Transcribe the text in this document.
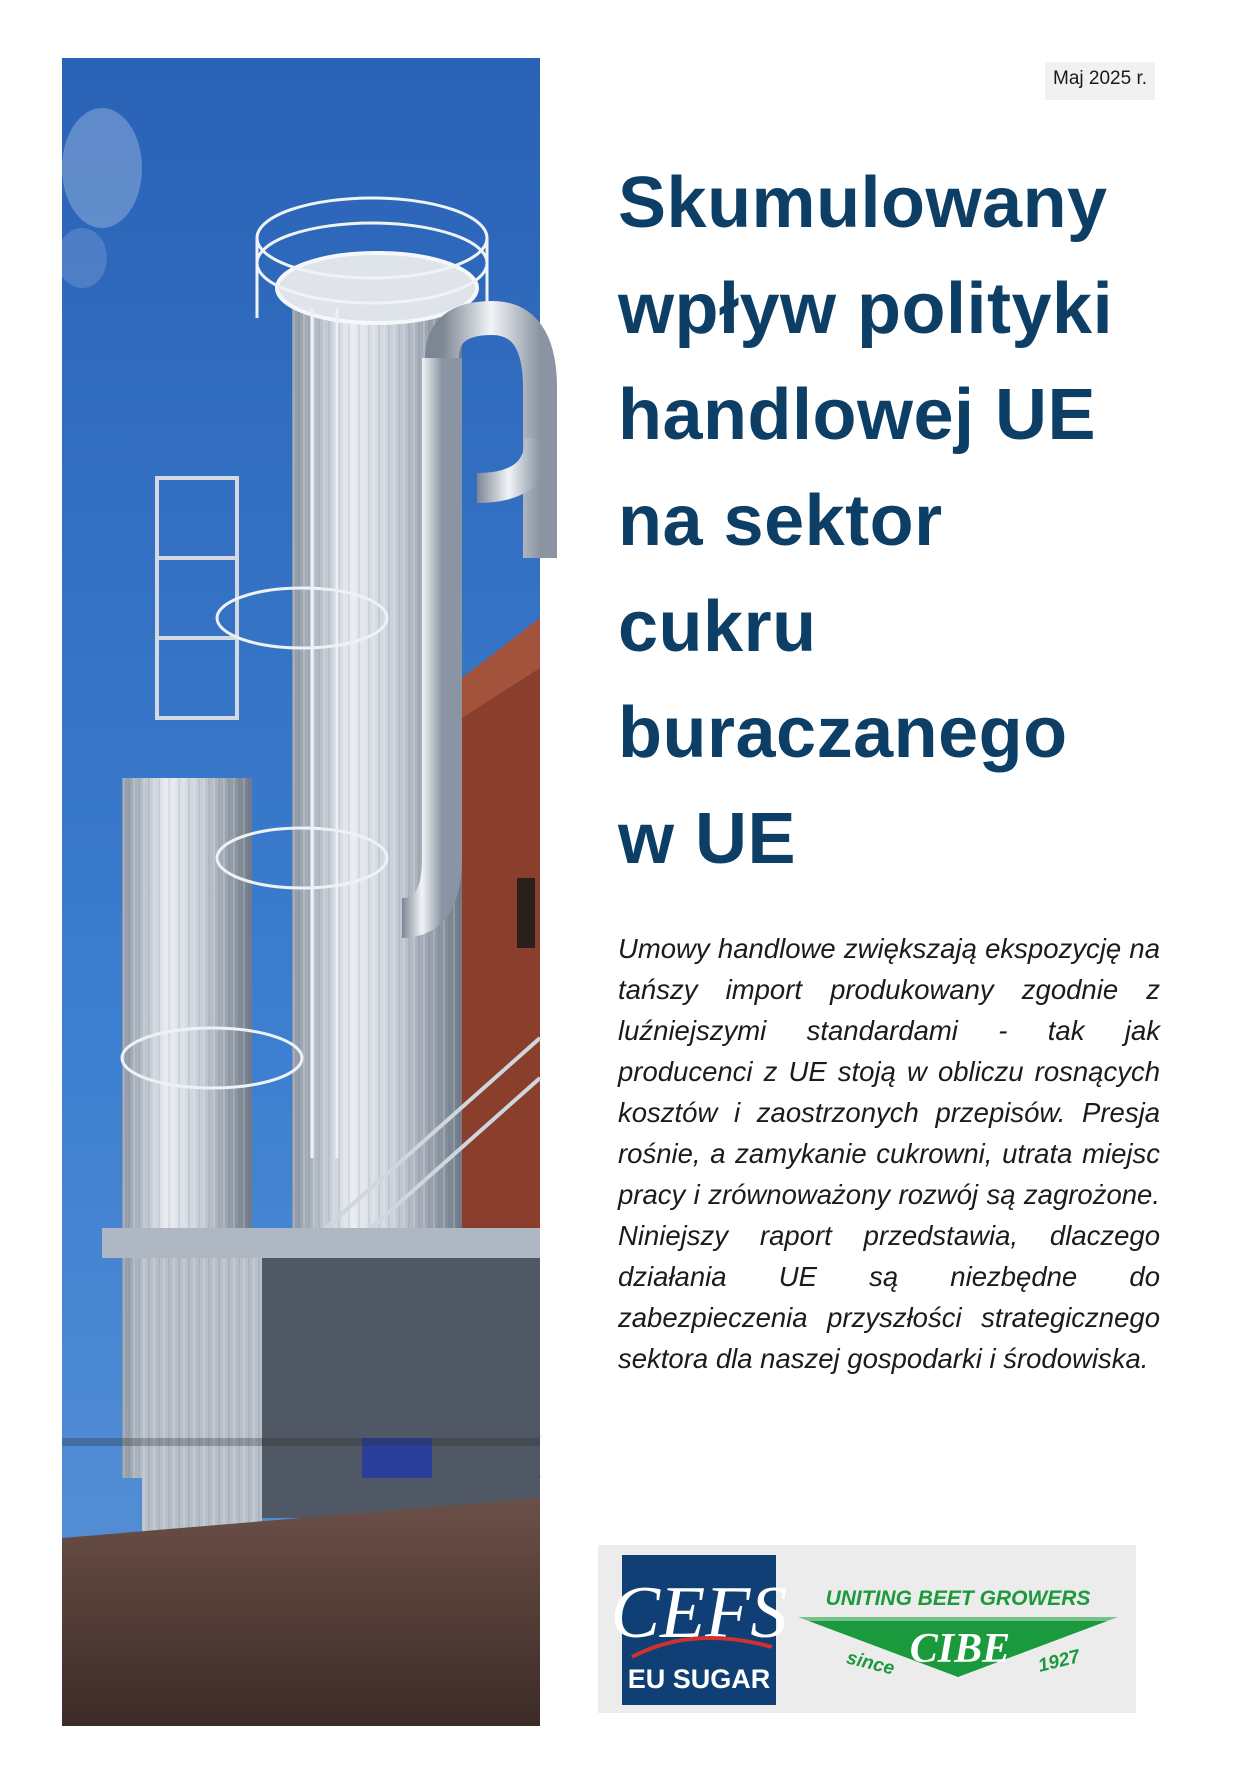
Maj 2025 r.
Skumulowany
wpływ polityki
handlowej UE
na sektor
cukru
buraczanego
w UE

Umowy handlowe zwiększają ekspozycję na tańszy import produkowany zgodnie z luźniejszymi standardami - tak jak producenci z UE stoją w obliczu rosnących kosztów i zaostrzonych przepisów. Presja rośnie, a zamykanie cukrowni, utrata miejsc pracy i zrównoważony rozwój są zagrożone. Niniejszy raport przedstawia, dlaczego działania UE są niezbędne do zabezpieczenia przyszłości strategicznego sektora dla naszej gospodarki i środowiska.

CEFS
EU SUGAR
UNITING BEET GROWERS
CIBE
since	1927
